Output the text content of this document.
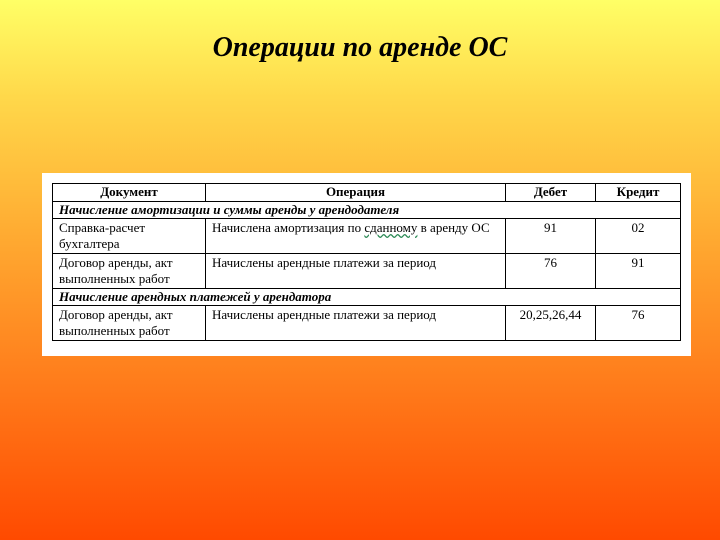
Операции по аренде ОС
Документ	Операция	Дебет	Кредит
Начисление амортизации и суммы аренды у арендодателя			
Справка-расчет бухгалтера	Начислена амортизация по сданному в аренду ОС	91	02
Договор аренды, акт выполненных работ	Начислены арендные платежи за период	76	91
Начисление арендных платежей у арендатора			
Договор аренды, акт выполненных работ	Начислены арендные платежи за период	20,25,26,44	76
